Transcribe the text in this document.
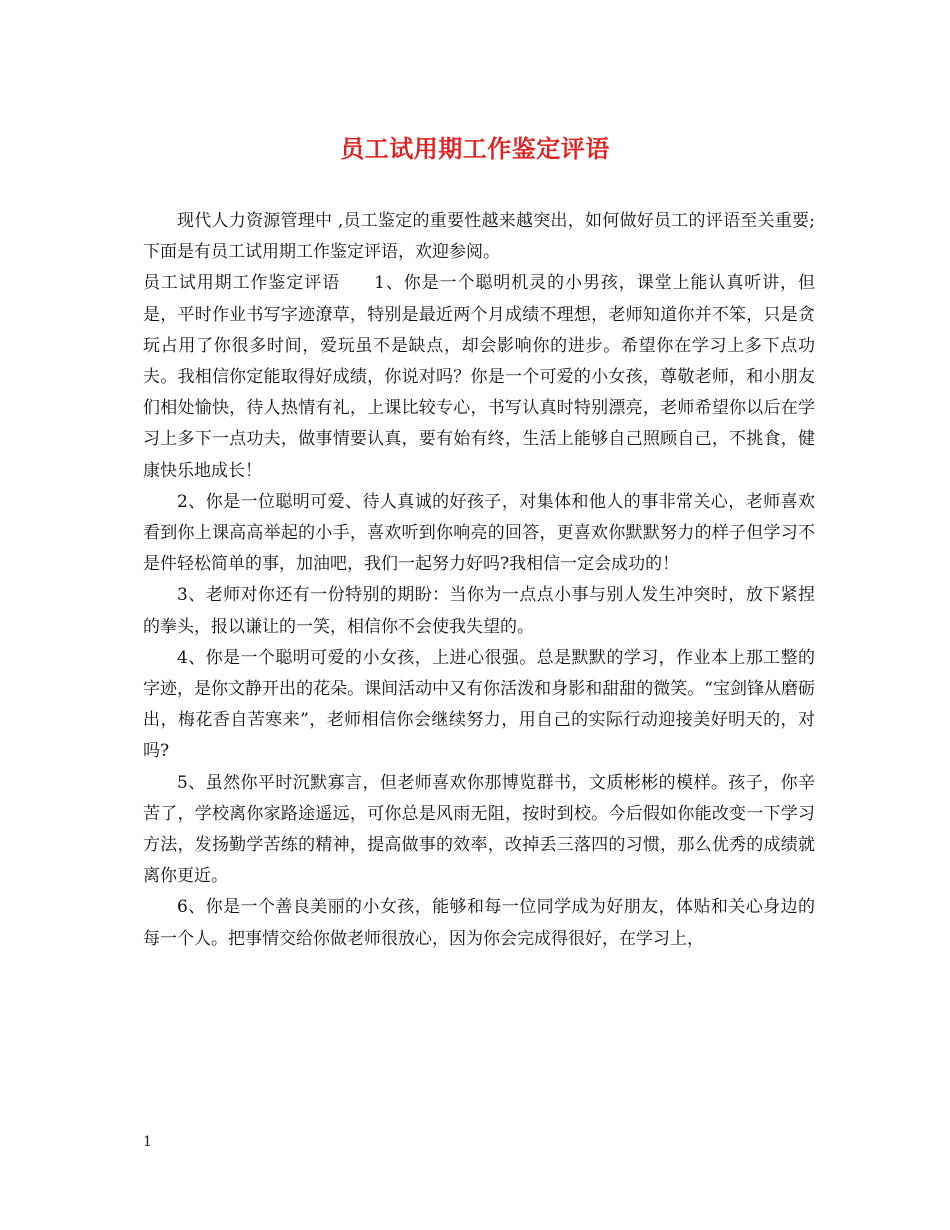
员工试用期工作鉴定评语

现代人力资源管理中 ,员工鉴定的重要性越来越突出，如何做好员工的评语至关重要;下面是有员工试用期工作鉴定评语，欢迎参阅。

员工试用期工作鉴定评语 1、你是一个聪明机灵的小男孩，课堂上能认真听讲，但是，平时作业书写字迹潦草，特别是最近两个月成绩不理想，老师知道你并不笨，只是贪玩占用了你很多时间，爱玩虽不是缺点，却会影响你的进步。希望你在学习上多下点功夫。我相信你定能取得好成绩，你说对吗？你是一个可爱的小女孩，尊敬老师，和小朋友们相处愉快，待人热情有礼，上课比较专心，书写认真时特别漂亮，老师希望你以后在学习上多下一点功夫，做事情要认真，要有始有终，生活上能够自己照顾自己，不挑食，健康快乐地成长！

2、你是一位聪明可爱、待人真诚的好孩子，对集体和他人的事非常关心，老师喜欢看到你上课高高举起的小手，喜欢听到你响亮的回答，更喜欢你默默努力的样子但学习不是件轻松简单的事，加油吧，我们一起努力好吗?我相信一定会成功的！

3、老师对你还有一份特别的期盼：当你为一点点小事与别人发生冲突时，放下紧捏的拳头，报以谦让的一笑，相信你不会使我失望的。

4、你是一个聪明可爱的小女孩，上进心很强。总是默默的学习，作业本上那工整的字迹，是你文静开出的花朵。课间活动中又有你活泼和身影和甜甜的微笑。“宝剑锋从磨砺出，梅花香自苦寒来”，老师相信你会继续努力，用自己的实际行动迎接美好明天的，对吗?

5、虽然你平时沉默寡言，但老师喜欢你那博览群书，文质彬彬的模样。孩子，你辛苦了，学校离你家路途遥远，可你总是风雨无阻，按时到校。今后假如你能改变一下学习方法，发扬勤学苦练的精神，提高做事的效率，改掉丢三落四的习惯，那么优秀的成绩就离你更近。

6、你是一个善良美丽的小女孩，能够和每一位同学成为好朋友，体贴和关心身边的每一个人。把事情交给你做老师很放心，因为你会完成得很好，在学习上，

1
